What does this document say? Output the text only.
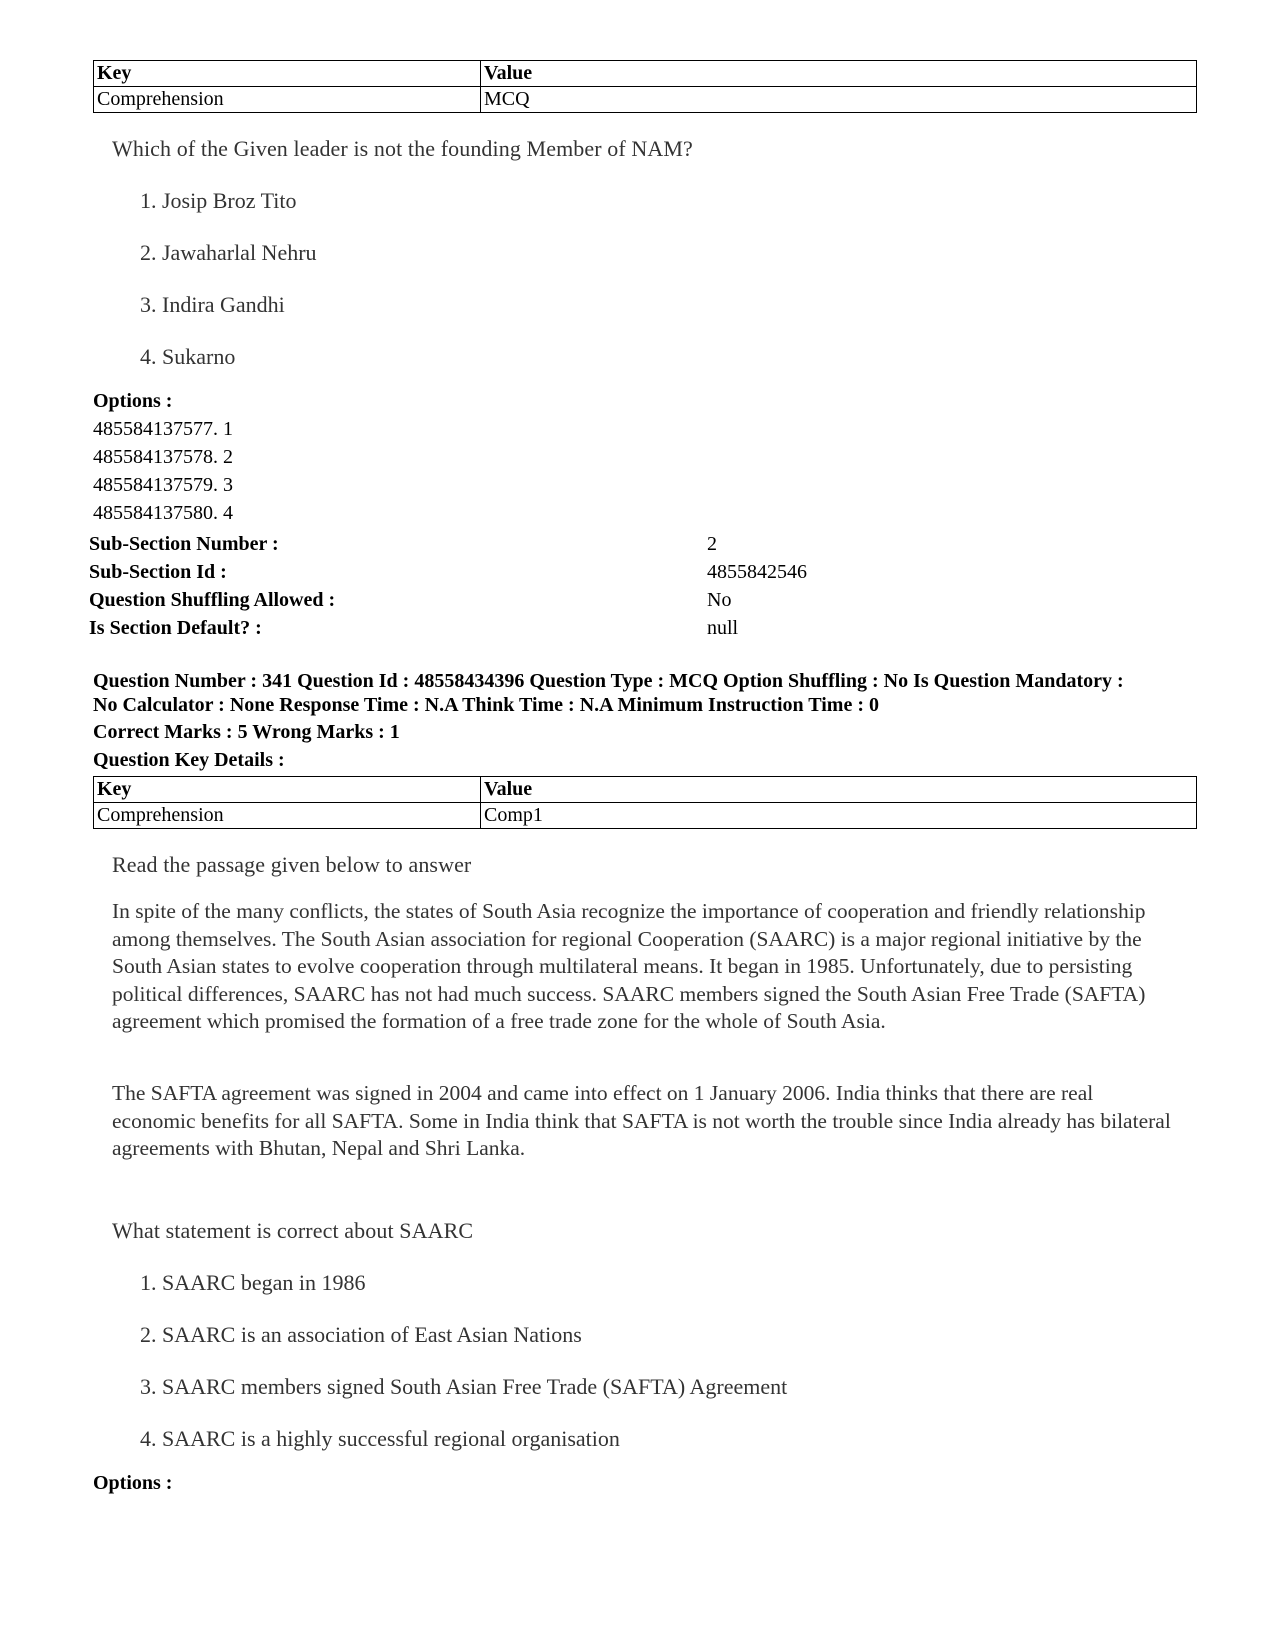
Key	Value
Comprehension	MCQ
Which of the Given leader is not the founding Member of NAM?
1. Josip Broz Tito
2. Jawaharlal Nehru
3. Indira Gandhi
4. Sukarno
Options :
485584137577. 1
485584137578. 2
485584137579. 3
485584137580. 4
Sub-Section Number :	2
Sub-Section Id :	4855842546
Question Shuffling Allowed :	No
Is Section Default? :	null
Question Number : 341 Question Id : 48558434396 Question Type : MCQ Option Shuffling : No Is Question Mandatory :
No Calculator : None Response Time : N.A Think Time : N.A Minimum Instruction Time : 0
Correct Marks : 5 Wrong Marks : 1
Question Key Details :
Key	Value
Comprehension	Comp1
Read the passage given below to answer
In spite of the many conflicts, the states of South Asia recognize the importance of cooperation and friendly relationship among themselves. The South Asian association for regional Cooperation (SAARC) is a major regional initiative by the South Asian states to evolve cooperation through multilateral means. It began in 1985. Unfortunately, due to persisting political differences, SAARC has not had much success. SAARC members signed the South Asian Free Trade (SAFTA) agreement which promised the formation of a free trade zone for the whole of South Asia.
The SAFTA agreement was signed in 2004 and came into effect on 1 January 2006. India thinks that there are real economic benefits for all SAFTA. Some in India think that SAFTA is not worth the trouble since India already has bilateral agreements with Bhutan, Nepal and Shri Lanka.
What statement is correct about SAARC
1. SAARC began in 1986
2. SAARC is an association of East Asian Nations
3. SAARC members signed South Asian Free Trade (SAFTA) Agreement
4. SAARC is a highly successful regional organisation
Options :
